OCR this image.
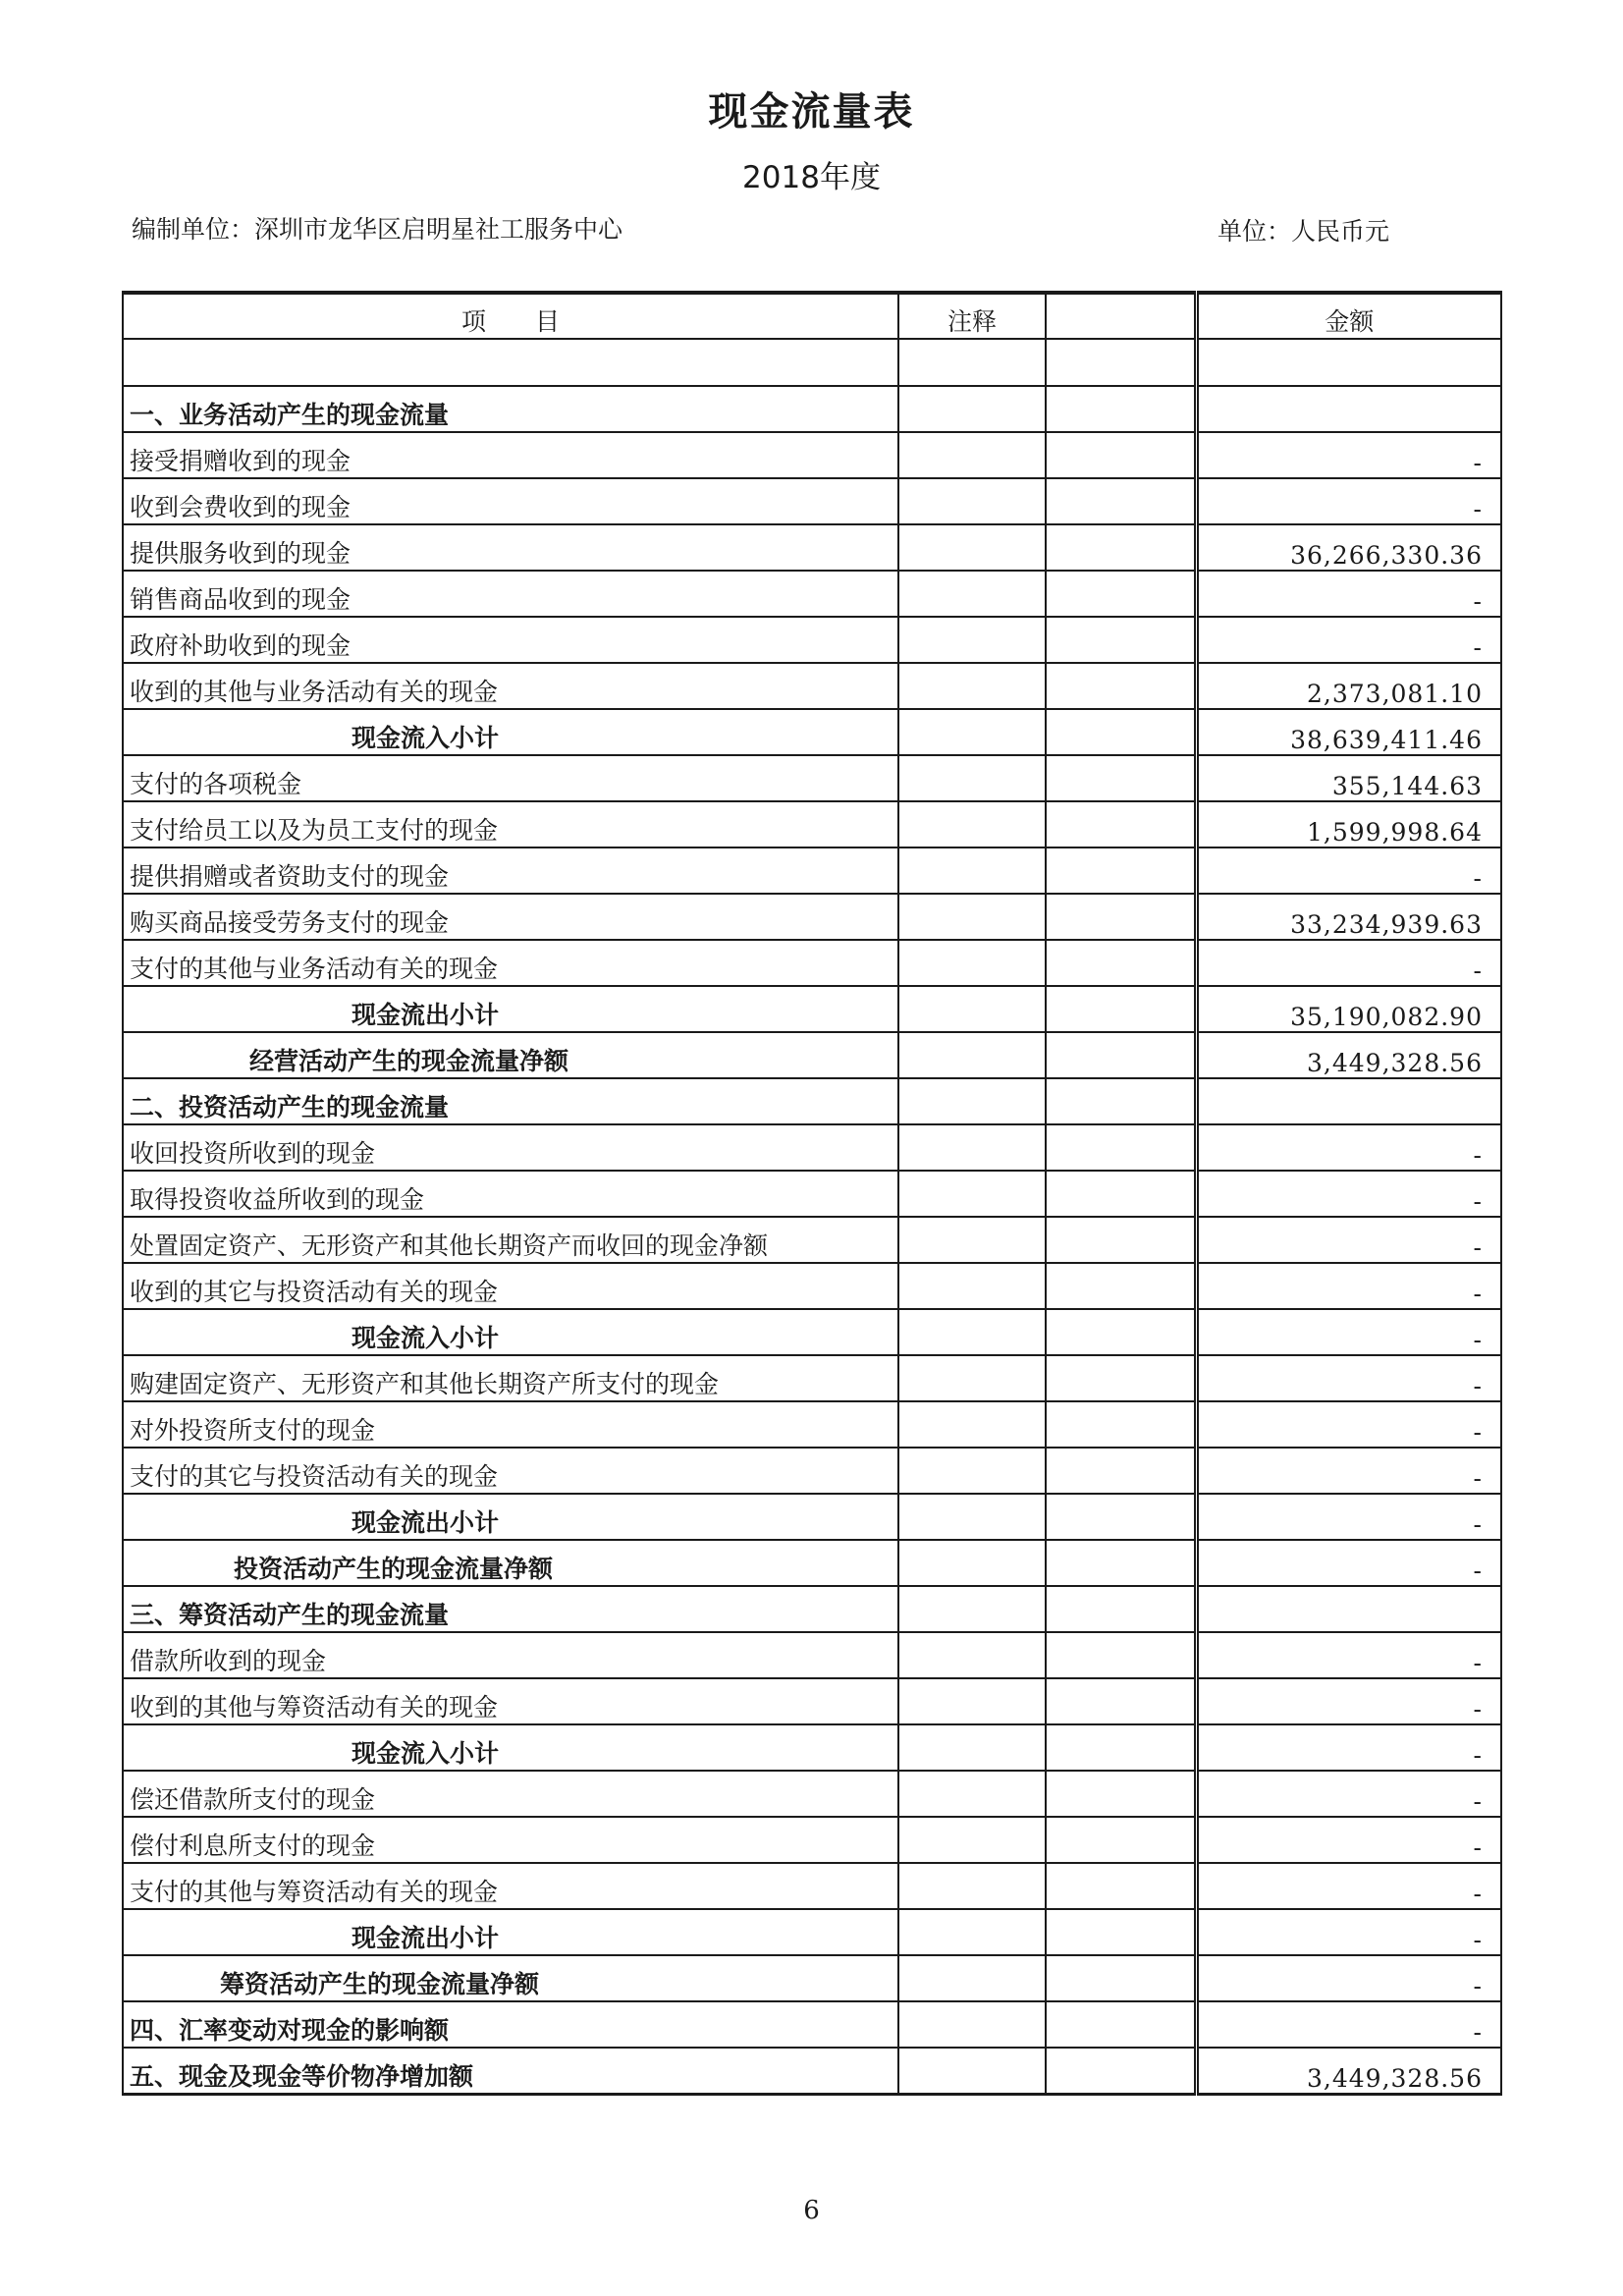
现金流量表
2018年度
编制单位：深圳市龙华区启明星社工服务中心	单位：人民币元
项　　目	注释		金额

一、业务活动产生的现金流量			
接受捐赠收到的现金			-
收到会费收到的现金			-
提供服务收到的现金			36,266,330.36
销售商品收到的现金			-
政府补助收到的现金			-
收到的其他与业务活动有关的现金			2,373,081.10
现金流入小计			38,639,411.46
支付的各项税金			355,144.63
支付给员工以及为员工支付的现金			1,599,998.64
提供捐赠或者资助支付的现金			-
购买商品接受劳务支付的现金			33,234,939.63
支付的其他与业务活动有关的现金			-
现金流出小计			35,190,082.90
经营活动产生的现金流量净额			3,449,328.56
二、投资活动产生的现金流量			
收回投资所收到的现金			-
取得投资收益所收到的现金			-
处置固定资产、无形资产和其他长期资产而收回的现金净额			-
收到的其它与投资活动有关的现金			-
现金流入小计			-
购建固定资产、无形资产和其他长期资产所支付的现金			-
对外投资所支付的现金			-
支付的其它与投资活动有关的现金			-
现金流出小计			-
投资活动产生的现金流量净额			-
三、筹资活动产生的现金流量			
借款所收到的现金			-
收到的其他与筹资活动有关的现金			-
现金流入小计			-
偿还借款所支付的现金			-
偿付利息所支付的现金			-
支付的其他与筹资活动有关的现金			-
现金流出小计			-
筹资活动产生的现金流量净额			-
四、汇率变动对现金的影响额			-
五、现金及现金等价物净增加额			3,449,328.56
6
